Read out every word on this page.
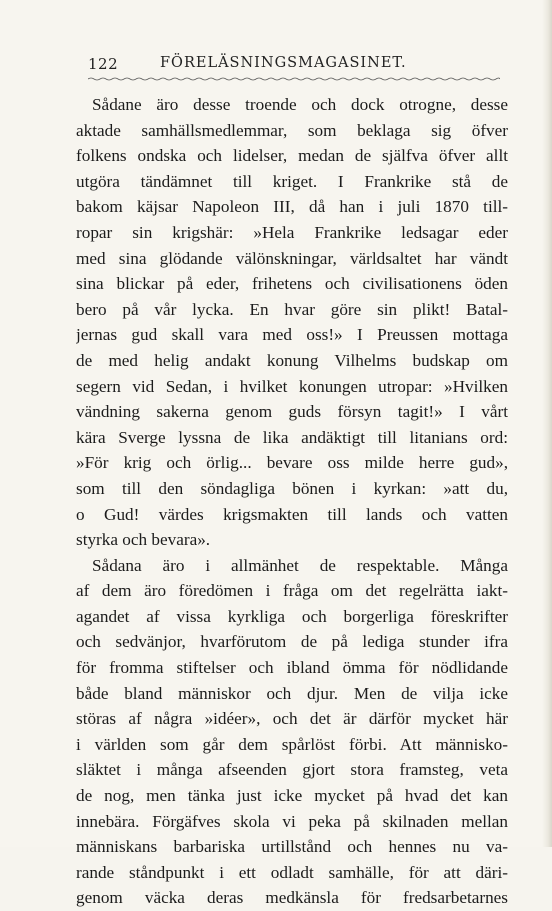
122	FÖRELÄSNINGSMAGASINET.
Sådane äro desse troende och dock otrogne, desse
aktade samhällsmedlemmar, som beklaga sig öfver
folkens ondska och lidelser, medan de själfva öfver allt
utgöra tändämnet till kriget. I Frankrike stå de
bakom käjsar Napoleon III, då han i juli 1870 till-
ropar sin krigshär: »Hela Frankrike ledsagar eder
med sina glödande välönskningar, världsaltet har vändt
sina blickar på eder, frihetens och civilisationens öden
bero på vår lycka. En hvar göre sin plikt! Batal-
jernas gud skall vara med oss!» I Preussen mottaga
de med helig andakt konung Vilhelms budskap om
segern vid Sedan, i hvilket konungen utropar: »Hvilken
vändning sakerna genom guds försyn tagit!» I vårt
kära Sverge lyssna de lika andäktigt till litanians ord:
»För krig och örlig... bevare oss milde herre gud»,
som till den söndagliga bönen i kyrkan: »att du,
o Gud! värdes krigsmakten till lands och vatten
styrka och bevara».
Sådana äro i allmänhet de respektable. Många
af dem äro föredömen i fråga om det regelrätta iakt-
agandet af vissa kyrkliga och borgerliga föreskrifter
och sedvänjor, hvarförutom de på lediga stunder ifra
för fromma stiftelser och ibland ömma för nödlidande
både bland människor och djur. Men de vilja icke
störas af några »idéer», och det är därför mycket här
i världen som går dem spårlöst förbi. Att människo-
släktet i många afseenden gjort stora framsteg, veta
de nog, men tänka just icke mycket på hvad det kan
innebära. Förgäfves skola vi peka på skilnaden mellan
människans barbariska urtillstånd och hennes nu va-
rande ståndpunkt i ett odladt samhälle, för att däri-
genom väcka deras medkänsla för fredsarbetarnes
